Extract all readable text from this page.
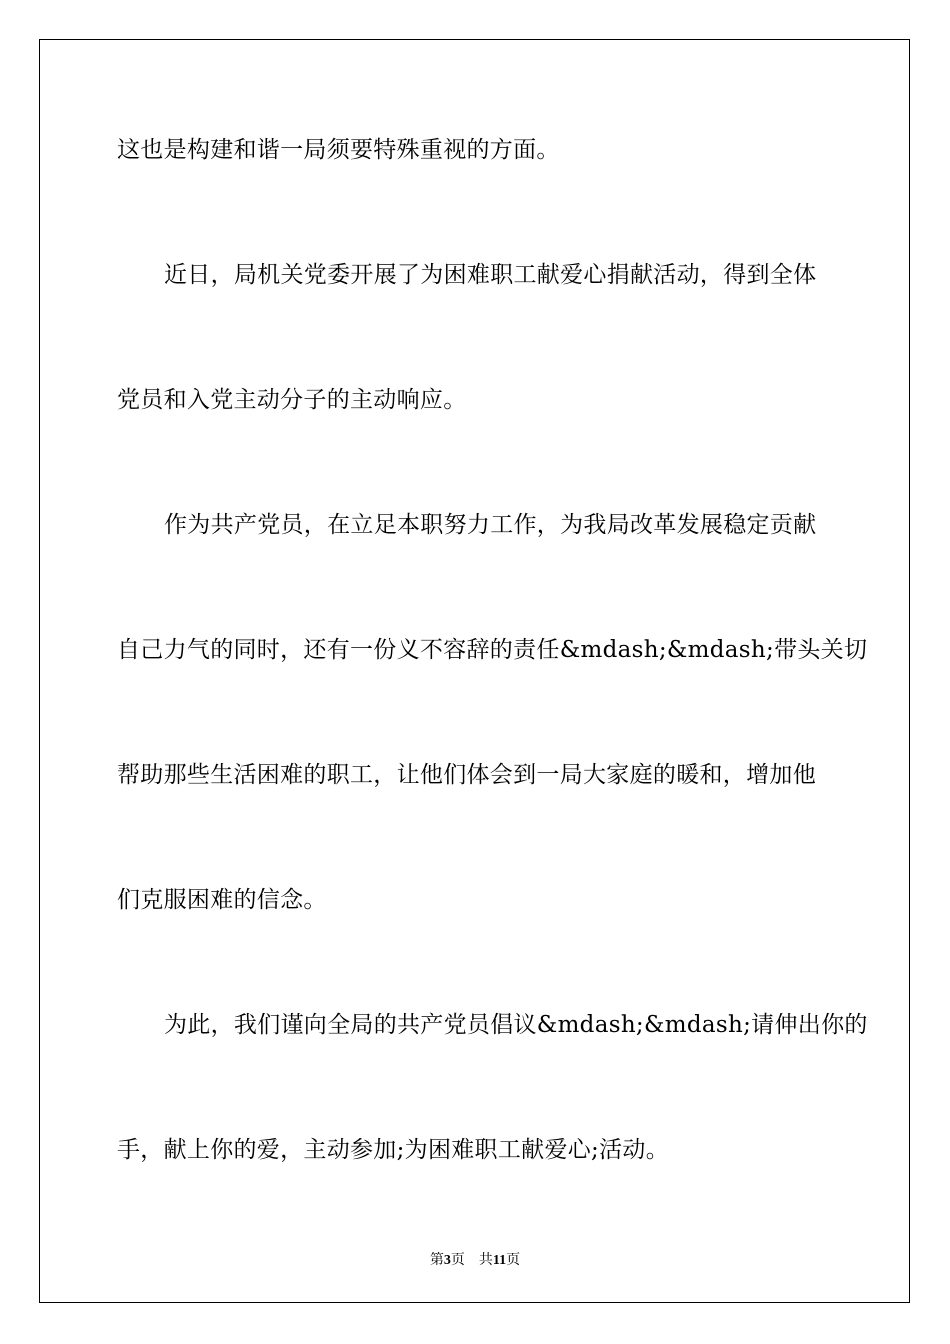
这也是构建和谐一局须要特殊重视的方面。
近日，局机关党委开展了为困难职工献爱心捐献活动，得到全体
党员和入党主动分子的主动响应。
作为共产党员，在立足本职努力工作，为我局改革发展稳定贡献
自己力气的同时，还有一份义不容辞的责任&mdash;&mdash;带头关切
帮助那些生活困难的职工，让他们体会到一局大家庭的暖和，增加他
们克服困难的信念。
为此，我们谨向全局的共产党员倡议&mdash;&mdash;请伸出你的
手，献上你的爱，主动参加;为困难职工献爱心;活动。
第3页 共11页
